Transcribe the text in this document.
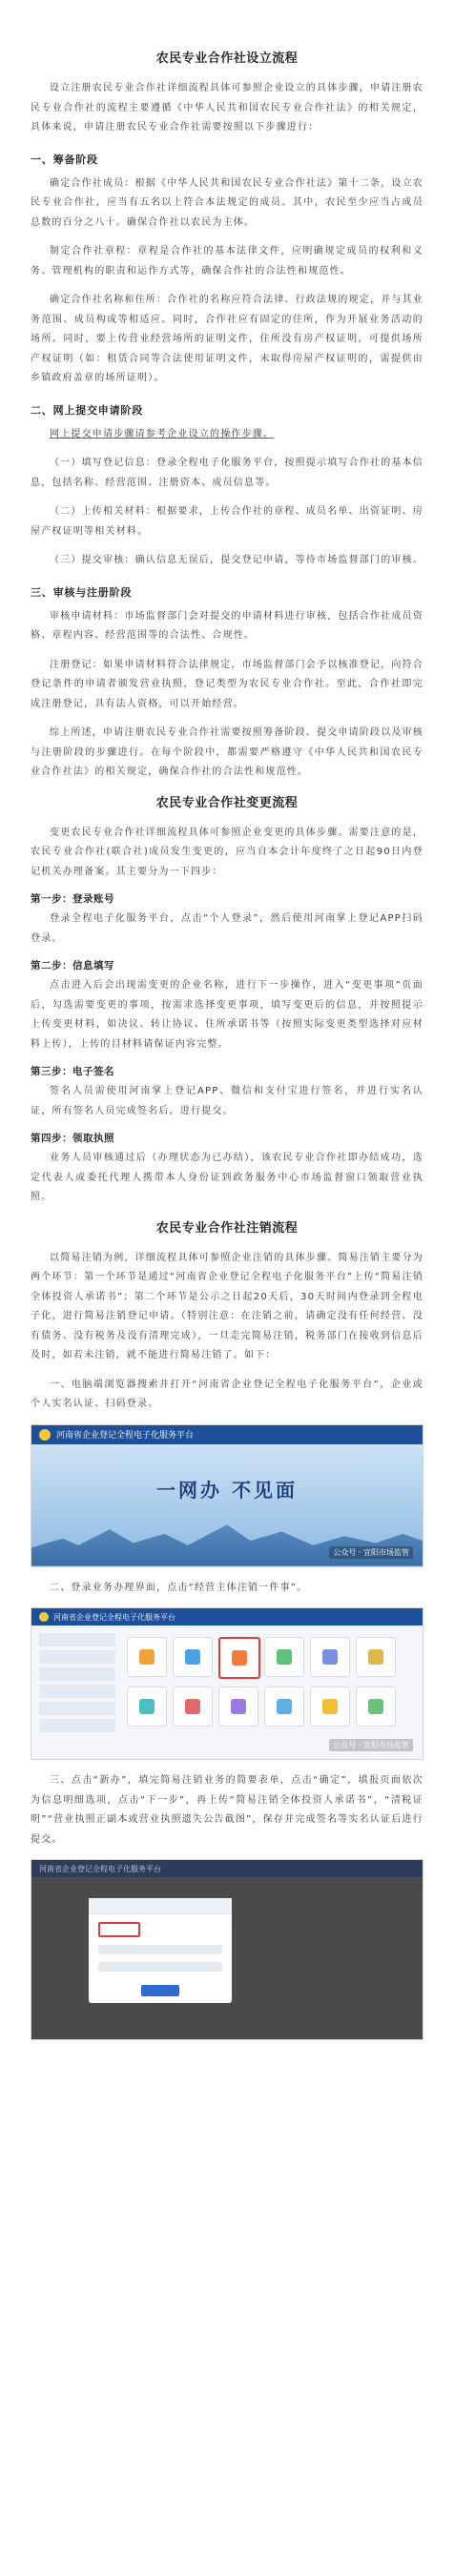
农民专业合作社设立流程

设立注册农民专业合作社详细流程具体可参照企业设立的具体步骤，申请注册农民专业合作社的流程主要遵循《中华人民共和国农民专业合作社法》的相关规定，具体来说，申请注册农民专业合作社需要按照以下步骤进行：

一、筹备阶段

确定合作社成员：根据《中华人民共和国农民专业合作社法》第十二条，设立农民专业合作社，应当有五名以上符合本法规定的成员。其中，农民至少应当占成员总数的百分之八十。确保合作社以农民为主体。

制定合作社章程：章程是合作社的基本法律文件，应明确规定成员的权利和义务、管理机构的职责和运作方式等，确保合作社的合法性和规范性。

确定合作社名称和住所：合作社的名称应符合法律、行政法规的规定，并与其业务范围、成员构成等相适应。同时，合作社应有固定的住所，作为开展业务活动的场所。同时，要上传营业经营场所的证明文件，住所没有房产权证明，可提供场所产权证明（如：租赁合同等合法使用证明文件，未取得房屋产权证明的，需提供由乡镇政府盖章的场所证明）。

二、网上提交申请阶段

网上提交申请步骤请参考企业设立的操作步骤。

（一）填写登记信息：登录全程电子化服务平台，按照提示填写合作社的基本信息，包括名称、经营范围、注册资本、成员信息等。

（二）上传相关材料：根据要求，上传合作社的章程、成员名单、出资证明、房屋产权证明等相关材料。

（三）提交审核：确认信息无误后，提交登记申请，等待市场监督部门的审核。

三、审核与注册阶段

审核申请材料：市场监督部门会对提交的申请材料进行审核，包括合作社成员资格、章程内容、经营范围等的合法性、合规性。

注册登记：如果申请材料符合法律规定，市场监督部门会予以核准登记，向符合登记条件的申请者颁发营业执照，登记类型为农民专业合作社。至此，合作社即完成注册登记，具有法人资格，可以开始经营。

综上所述，申请注册农民专业合作社需要按照筹备阶段、提交申请阶段以及审核与注册阶段的步骤进行。在每个阶段中，都需要严格遵守《中华人民共和国农民专业合作社法》的相关规定，确保合作社的合法性和规范性。

农民专业合作社变更流程

变更农民专业合作社详细流程具体可参照企业变更的具体步骤。需要注意的是，农民专业合作社(联合社)成员发生变更的，应当自本会计年度终了之日起90日内登记机关办理备案。其主要分为一下四步：

第一步：登录账号

登录全程电子化服务平台，点击“个人登录”，然后使用河南掌上登记APP扫码登录。

第二步：信息填写

点击进入后会出现需变更的企业名称，进行下一步操作，进入“变更事项”页面后，勾选需要变更的事项，按需求选择变更事项，填写变更后的信息，并按照提示上传变更材料，如决议、转让协议、住所承诺书等（按照实际变更类型选择对应材料上传），上传的目材料请保证内容完整。

第三步：电子签名

签名人员需使用河南掌上登记APP、微信和支付宝进行签名，并进行实名认证，所有签名人员完成签名后，进行提交。

第四步：领取执照

业务人员审核通过后（办理状态为已办结），该农民专业合作社即办结成功，选定代表人或委托代理人携带本人身份证到政务服务中心市场监督窗口领取营业执照。

农民专业合作社注销流程

以简易注销为例，详细流程具体可参照企业注销的具体步骤。简易注销主要分为两个环节：第一个环节是通过“河南省企业登记全程电子化服务平台”上传“简易注销全体投资人承诺书”；第二个环节是公示之日起20天后，30天时间内登录到全程电子化，进行简易注销登记申请。（特别注意：在注销之前，请确定没有任何经营、没有债务、没有税务及没有清理完成），一旦走完简易注销，税务部门在接收到信息后及时，如若未注销，就不能进行简易注销了。如下：

一、电脑端浏览器搜索并打开“河南省企业登记全程电子化服务平台”，企业或个人实名认证、扫码登录。

河南省企业登记全程电子化服务平台
一网办 不见面
公众号 · 宜阳市场监管

二、登录业务办理界面，点击“经营主体注销一件事”。

河南省企业登记全程电子化服务平台
公众号 · 宜阳市场监管

三、点击“新办”，填完简易注销业务的简要表单，点击“确定”，填报页面依次为信息明细选项，点击“下一步”，再上传“简易注销全体投资人承诺书”，“清税证明”“营业执照正副本或营业执照遗失公告截图”，保存并完成签名等实名认证后进行提交。

河南省企业登记全程电子化服务平台
